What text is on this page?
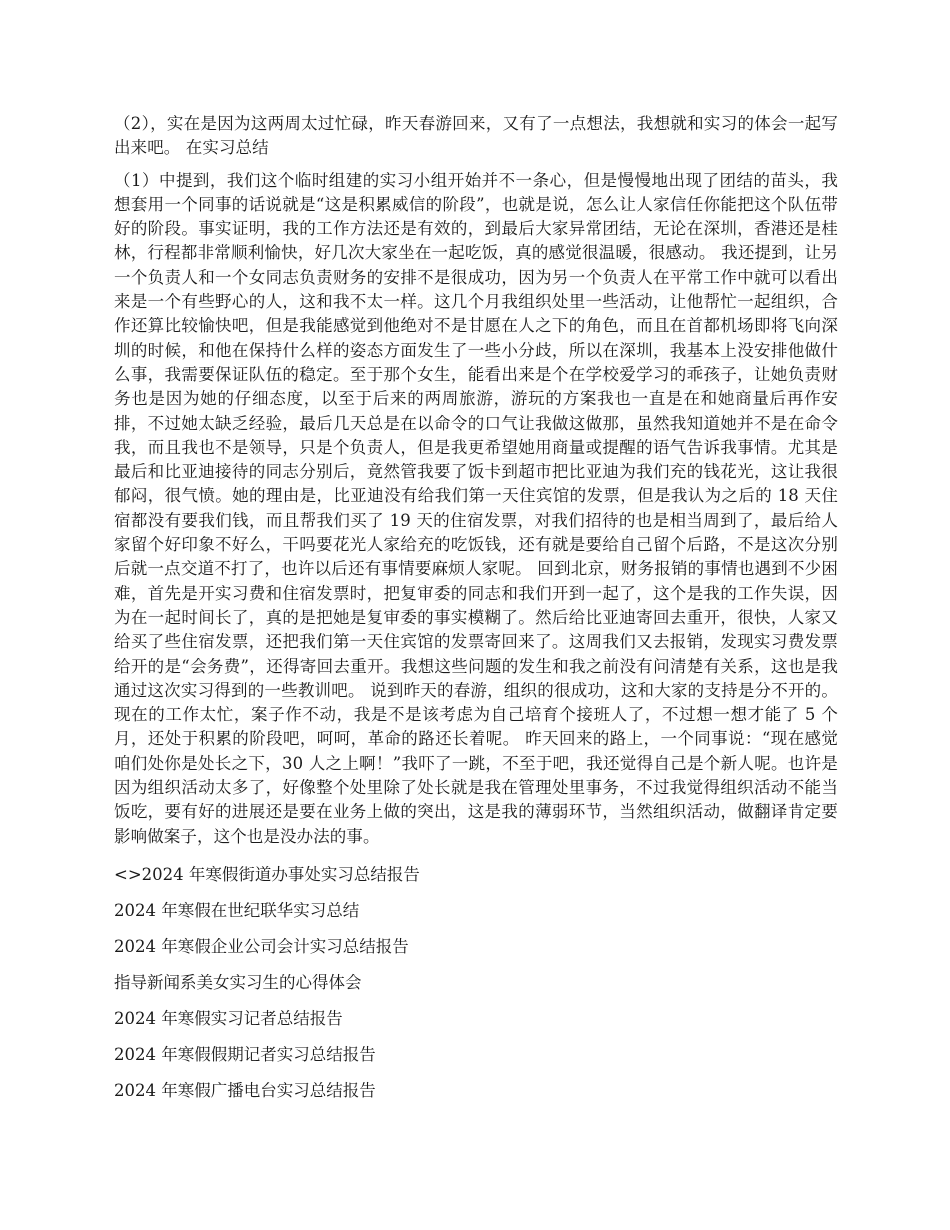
（2），实在是因为这两周太过忙碌，昨天春游回来，又有了一点想法，我想就和实习的体会一起写出来吧。 在实习总结

（1）中提到，我们这个临时组建的实习小组开始并不一条心，但是慢慢地出现了团结的苗头，我想套用一个同事的话说就是“这是积累威信的阶段”，也就是说，怎么让人家信任你能把这个队伍带好的阶段。事实证明，我的工作方法还是有效的，到最后大家异常团结，无论在深圳，香港还是桂林，行程都非常顺利愉快，好几次大家坐在一起吃饭，真的感觉很温暖，很感动。 我还提到，让另一个负责人和一个女同志负责财务的安排不是很成功，因为另一个负责人在平常工作中就可以看出来是一个有些野心的人，这和我不太一样。这几个月我组织处里一些活动，让他帮忙一起组织，合作还算比较愉快吧，但是我能感觉到他绝对不是甘愿在人之下的角色，而且在首都机场即将飞向深圳的时候，和他在保持什么样的姿态方面发生了一些小分歧，所以在深圳，我基本上没安排他做什么事，我需要保证队伍的稳定。至于那个女生，能看出来是个在学校爱学习的乖孩子，让她负责财务也是因为她的仔细态度，以至于后来的两周旅游，游玩的方案我也一直是在和她商量后再作安排，不过她太缺乏经验，最后几天总是在以命令的口气让我做这做那，虽然我知道她并不是在命令我，而且我也不是领导，只是个负责人，但是我更希望她用商量或提醒的语气告诉我事情。尤其是最后和比亚迪接待的同志分别后，竟然管我要了饭卡到超市把比亚迪为我们充的钱花光，这让我很郁闷，很气愤。她的理由是，比亚迪没有给我们第一天住宾馆的发票，但是我认为之后的 18 天住宿都没有要我们钱，而且帮我们买了 19 天的住宿发票，对我们招待的也是相当周到了，最后给人家留个好印象不好么，干吗要花光人家给充的吃饭钱，还有就是要给自己留个后路，不是这次分别后就一点交道不打了，也许以后还有事情要麻烦人家呢。 回到北京，财务报销的事情也遇到不少困难，首先是开实习费和住宿发票时，把复审委的同志和我们开到一起了，这个是我的工作失误，因为在一起时间长了，真的是把她是复审委的事实模糊了。然后给比亚迪寄回去重开，很快，人家又给买了些住宿发票，还把我们第一天住宾馆的发票寄回来了。这周我们又去报销，发现实习费发票给开的是“会务费”，还得寄回去重开。我想这些问题的发生和我之前没有问清楚有关系，这也是我通过这次实习得到的一些教训吧。 说到昨天的春游，组织的很成功，这和大家的支持是分不开的。现在的工作太忙，案子作不动，我是不是该考虑为自己培育个接班人了，不过想一想才能了 5 个月，还处于积累的阶段吧，呵呵，革命的路还长着呢。 昨天回来的路上，一个同事说：“现在感觉咱们处你是处长之下，30 人之上啊！”我吓了一跳，不至于吧，我还觉得自己是个新人呢。也许是因为组织活动太多了，好像整个处里除了处长就是我在管理处里事务，不过我觉得组织活动不能当饭吃，要有好的进展还是要在业务上做的突出，这是我的薄弱环节，当然组织活动，做翻译肯定要影响做案子，这个也是没办法的事。

<>2024 年寒假街道办事处实习总结报告
2024 年寒假在世纪联华实习总结
2024 年寒假企业公司会计实习总结报告
指导新闻系美女实习生的心得体会
2024 年寒假实习记者总结报告
2024 年寒假假期记者实习总结报告
2024 年寒假广播电台实习总结报告
